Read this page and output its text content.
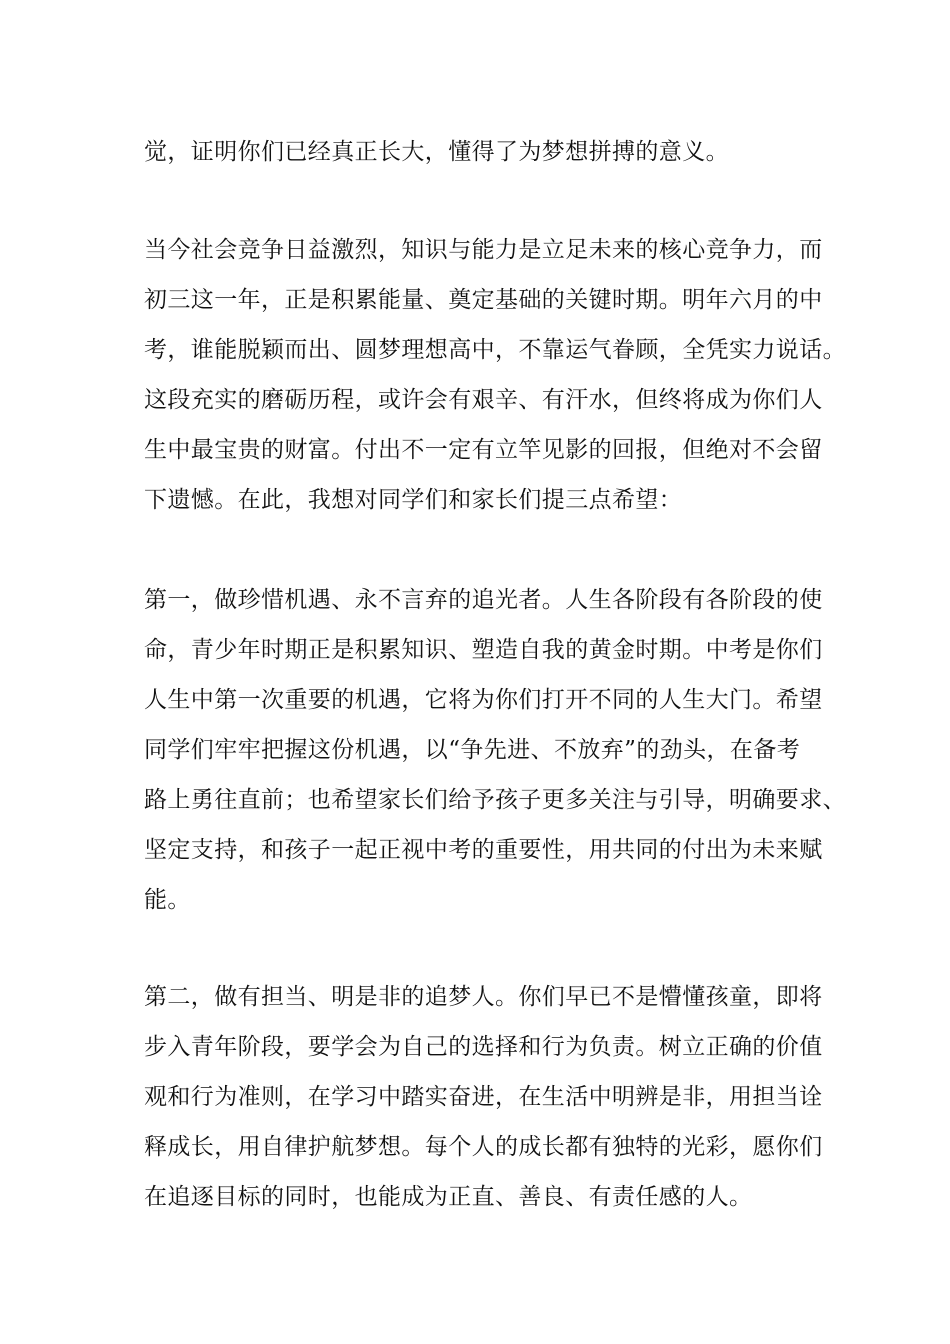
觉，证明你们已经真正长大，懂得了为梦想拼搏的意义。
当今社会竞争日益激烈，知识与能力是立足未来的核心竞争力，而
初三这一年，正是积累能量、奠定基础的关键时期。明年六月的中
考，谁能脱颖而出、圆梦理想高中，不靠运气眷顾，全凭实力说话。
这段充实的磨砺历程，或许会有艰辛、有汗水，但终将成为你们人
生中最宝贵的财富。付出不一定有立竿见影的回报，但绝对不会留
下遗憾。在此，我想对同学们和家长们提三点希望：
第一，做珍惜机遇、永不言弃的追光者。人生各阶段有各阶段的使
命，青少年时期正是积累知识、塑造自我的黄金时期。中考是你们
人生中第一次重要的机遇，它将为你们打开不同的人生大门。希望
同学们牢牢把握这份机遇，以“争先进、不放弃”的劲头，在备考
路上勇往直前；也希望家长们给予孩子更多关注与引导，明确要求、
坚定支持，和孩子一起正视中考的重要性，用共同的付出为未来赋
能。
第二，做有担当、明是非的追梦人。你们早已不是懵懂孩童，即将
步入青年阶段，要学会为自己的选择和行为负责。树立正确的价值
观和行为准则，在学习中踏实奋进，在生活中明辨是非，用担当诠
释成长，用自律护航梦想。每个人的成长都有独特的光彩，愿你们
在追逐目标的同时，也能成为正直、善良、有责任感的人。
